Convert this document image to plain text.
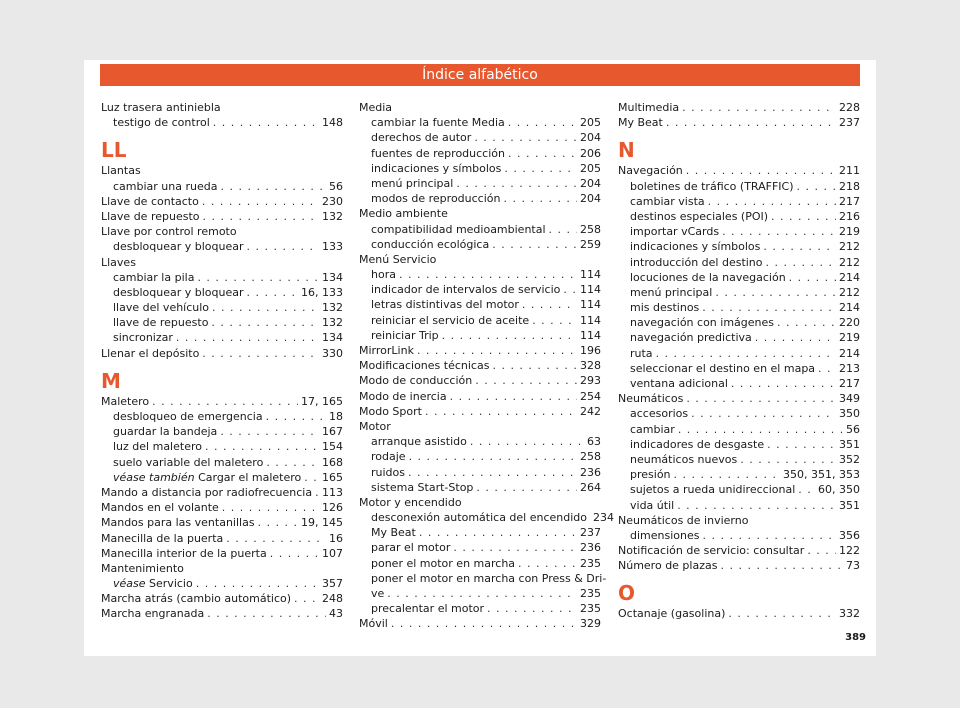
Índice alfabético
Luz trasera antiniebla
testigo de control . . .	148
LL
Llantas
cambiar una rueda . . .	56
Llave de contacto . . .	230
Llave de repuesto . . .	132
Llave por control remoto
desbloquear y bloquear . . .	133
Llaves
cambiar la pila . . .	134
desbloquear y bloquear . . .	16, 133
llave del vehículo . . .	132
llave de repuesto . . .	132
sincronizar . . .	134
Llenar el depósito . . .	330
M
Maletero . . .	17, 165
desbloqueo de emergencia . . .	18
guardar la bandeja . . .	167
luz del maletero . . .	154
suelo variable del maletero . . .	168
véase también Cargar el maletero . . . 165
Mando a distancia por radiofrecuencia . . . 113
Mandos en el volante . . .	126
Mandos para las ventanillas . . .	19, 145
Manecilla de la puerta . . .	16
Manecilla interior de la puerta . . .	107
Mantenimiento
véase Servicio . . .	357
Marcha atrás (cambio automático) . . .	248
Marcha engranada . . .	43
Media
cambiar la fuente Media . . .	205
derechos de autor . . .	204
fuentes de reproducción . . .	206
indicaciones y símbolos . . .	205
menú principal . . .	204
modos de reproducción . . .	204
Medio ambiente
compatibilidad medioambiental . . .	258
conducción ecológica . . .	259
Menú Servicio
hora . . .	114
indicador de intervalos de servicio . . . 114
letras distintivas del motor . . .	114
reiniciar el servicio de aceite . . .	114
reiniciar Trip . . .	114
MirrorLink . . .	196
Modificaciones técnicas . . .	328
Modo de conducción . . .	293
Modo de inercia . . .	254
Modo Sport . . .	242
Motor
arranque asistido . . .	63
rodaje . . .	258
ruidos . . .	236
sistema Start-Stop . . .	264
Motor y encendido
desconexión automática del encendido 234
My Beat . . .	237
parar el motor . . .	236
poner el motor en marcha . . .	235
poner el motor en marcha con Press & Dri-
ve . . .	235
precalentar el motor . . .	235
Móvil . . .	329
Multimedia . . .	228
My Beat . . .	237
N
Navegación . . .	211
boletines de tráfico (TRAFFIC) . . .	218
cambiar vista . . .	217
destinos especiales (POI) . . .	216
importar vCards . . .	219
indicaciones y símbolos . . .	212
introducción del destino . . .	212
locuciones de la navegación . . .	214
menú principal . . .	212
mis destinos . . .	214
navegación con imágenes . . .	220
navegación predictiva . . .	219
ruta . . .	214
seleccionar el destino en el mapa . . . 213
ventana adicional . . .	217
Neumáticos . . .	349
accesorios . . .	350
cambiar . . .	56
indicadores de desgaste . . .	351
neumáticos nuevos . . .	352
presión . . .	350, 351, 353
sujetos a rueda unidireccional . . . 60, 350
vida útil . . .	351
Neumáticos de invierno
dimensiones . . .	356
Notificación de servicio: consultar . . .	122
Número de plazas . . .	73
O
Octanaje (gasolina) . . .	332
389
